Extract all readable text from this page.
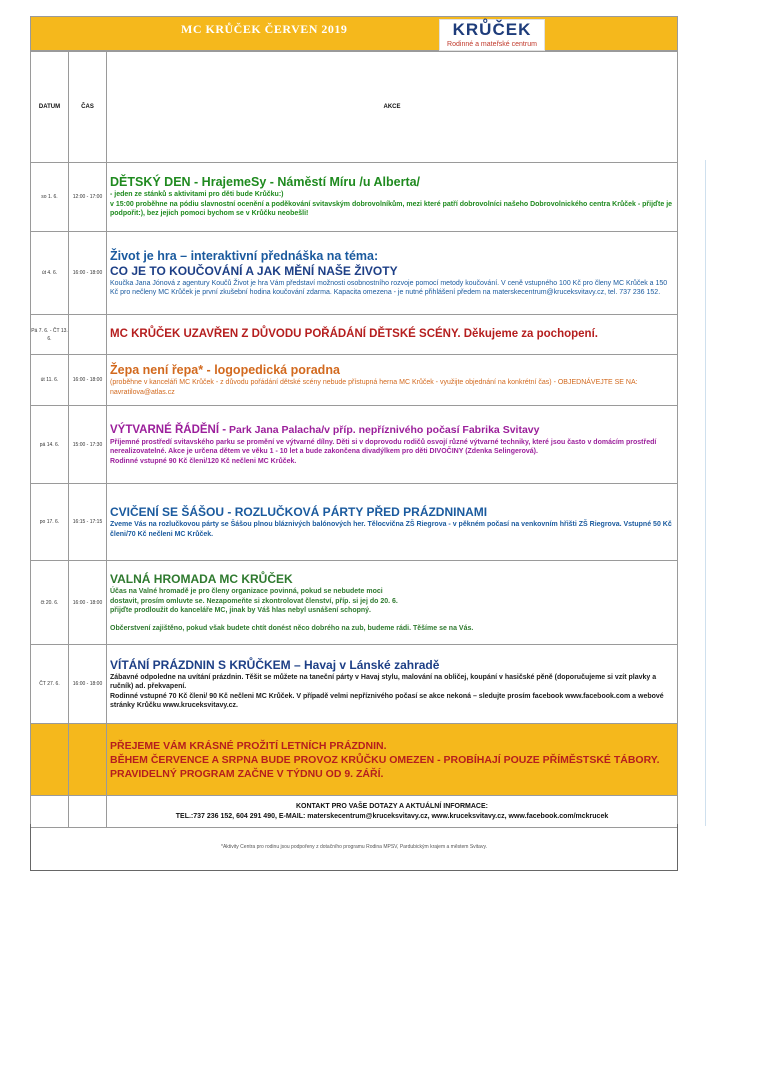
MC KRŮČEK ČERVEN 2019	KRŮČEK
Rodinné a mateřské centrum
DATUM	ČAS	AKCE
so 1. 6.	12:00 - 17:00	DĚTSKÝ DEN - HrajemeSy - Náměstí Míru /u Alberta/
- jeden ze stánků s aktivitami pro děti bude Krůčku:)
v 15:00 proběhne na pódiu slavnostní ocenění a poděkování svitavským dobrovolníkům, mezi které patří dobrovolníci našeho Dobrovolnického centra Krůček - přijďte je podpořit:), bez jejich pomoci bychom se v Krůčku neobešli!

út 4. 6.	16:00 - 18:00	Život je hra – interaktivní přednáška na téma:
CO JE TO KOUČOVÁNÍ A JAK MĚNÍ NAŠE ŽIVOTY
Koučka Jana Jónová z agentury Koučů Život je hra Vám představí možnosti osobnostního rozvoje pomocí metody koučování. V ceně vstupného 100 Kč pro členy MC Krůček a 150 Kč pro nečleny MC Krůček je první zkušební hodina koučování zdarma. Kapacita omezena - je nutné přihlášení předem na materskecentrum@kruceksvitavy.cz, tel. 737 236 152.

Pá 7. 6. - ČT 13. 6.		MC KRŮČEK UZAVŘEN Z DŮVODU POŘÁDÁNÍ DĚTSKÉ SCÉNY. Děkujeme za pochopení.

út 11. 6.	16:00 - 18:00	Žepa není řepa* - logopedická poradna
(proběhne v kanceláři MC Krůček - z důvodu pořádání dětské scény nebude přístupná herna MC Krůček - využijte objednání na konkrétní čas) - OBJEDNÁVEJTE SE NA: navratilova@atlas.cz

pá 14. 6.	15:00 - 17:30	VÝTVARNÉ ŘÁDĚNÍ - Park Jana Palacha/v příp. nepříznivého počasí Fabrika Svitavy
Příjemné prostředí svitavského parku se promění ve výtvarné dílny. Děti si v doprovodu rodičů osvojí různé výtvarné techniky, které jsou často v domácím prostředí nerealizovatelné. Akce je určena dětem ve věku 1 - 10 let a bude zakončena divadýlkem pro děti DIVOČINY (Zdenka Selingerová).
Rodinné vstupné 90 Kč členi/120 Kč nečleni MC Krůček.

po 17. 6.	16:15 - 17:15	CVIČENÍ SE ŠÁŠOU - ROZLUČKOVÁ PÁRTY PŘED PRÁZDNINAMI
Zveme Vás na rozlučkovou párty se Šášou plnou bláznivých balónových her. Tělocvična ZŠ Riegrova - v pěkném počasí na venkovním hřišti ZŠ Riegrova. Vstupné 50 Kč členi/70 Kč nečleni MC Krůček.

čt 20. 6.	16:00 - 18:00	VALNÁ HROMADA MC KRŮČEK
Účas na Valné hromadě je pro členy organizace povinná, pokud se nebudete moci
dostavit, prosím omluvte se. Nezapomeňte si zkontrolovat členství, příp. si jej do 20. 6.
přijďte prodloužit do kanceláře MC, jinak by Váš hlas nebyl usnášení schopný.
Občerstvení zajištěno, pokud však budete chtít donést něco dobrého na zub, budeme rádi. Těšíme se na Vás.

ČT 27. 6.	16:00 - 18:00	VÍTÁNÍ PRÁZDNIN S KRŮČKEM – Havaj v Lánské zahradě
Zábavné odpoledne na uvítání prázdnin. Těšit se můžete na taneční párty v Havaj stylu, malování na obličej, koupání v hasičské pěně (doporučujeme si vzít plavky a ručník) ad. překvapení.
Rodinné vstupné 70 Kč členi/ 90 Kč nečleni MC Krůček. V případě velmi nepříznivého počasí se akce nekoná – sledujte prosím facebook www.facebook.com a webové stránky Krůčku www.kruceksvitavy.cz.

		PŘEJEME VÁM KRÁSNÉ PROŽITÍ LETNÍCH PRÁZDNIN.
BĚHEM ČERVENCE A SRPNA BUDE PROVOZ KRŮČKU OMEZEN - PROBÍHAJÍ POUZE PŘÍMĚSTSKÉ TÁBORY.
PRAVIDELNÝ PROGRAM ZAČNE V TÝDNU OD 9. ZÁŘÍ.

		KONTAKT PRO VAŠE DOTAZY A AKTUÁLNÍ INFORMACE:
TEL.:737 236 152, 604 291 490, E-MAIL: materskecentrum@kruceksvitavy.cz, www.kruceksvitavy.cz, www.facebook.com/mckrucek
*Aktivity Centra pro rodinu jsou podpořeny z dotačního programu Rodina MPSV, Pardubickým krajem a městem Svitavy.
